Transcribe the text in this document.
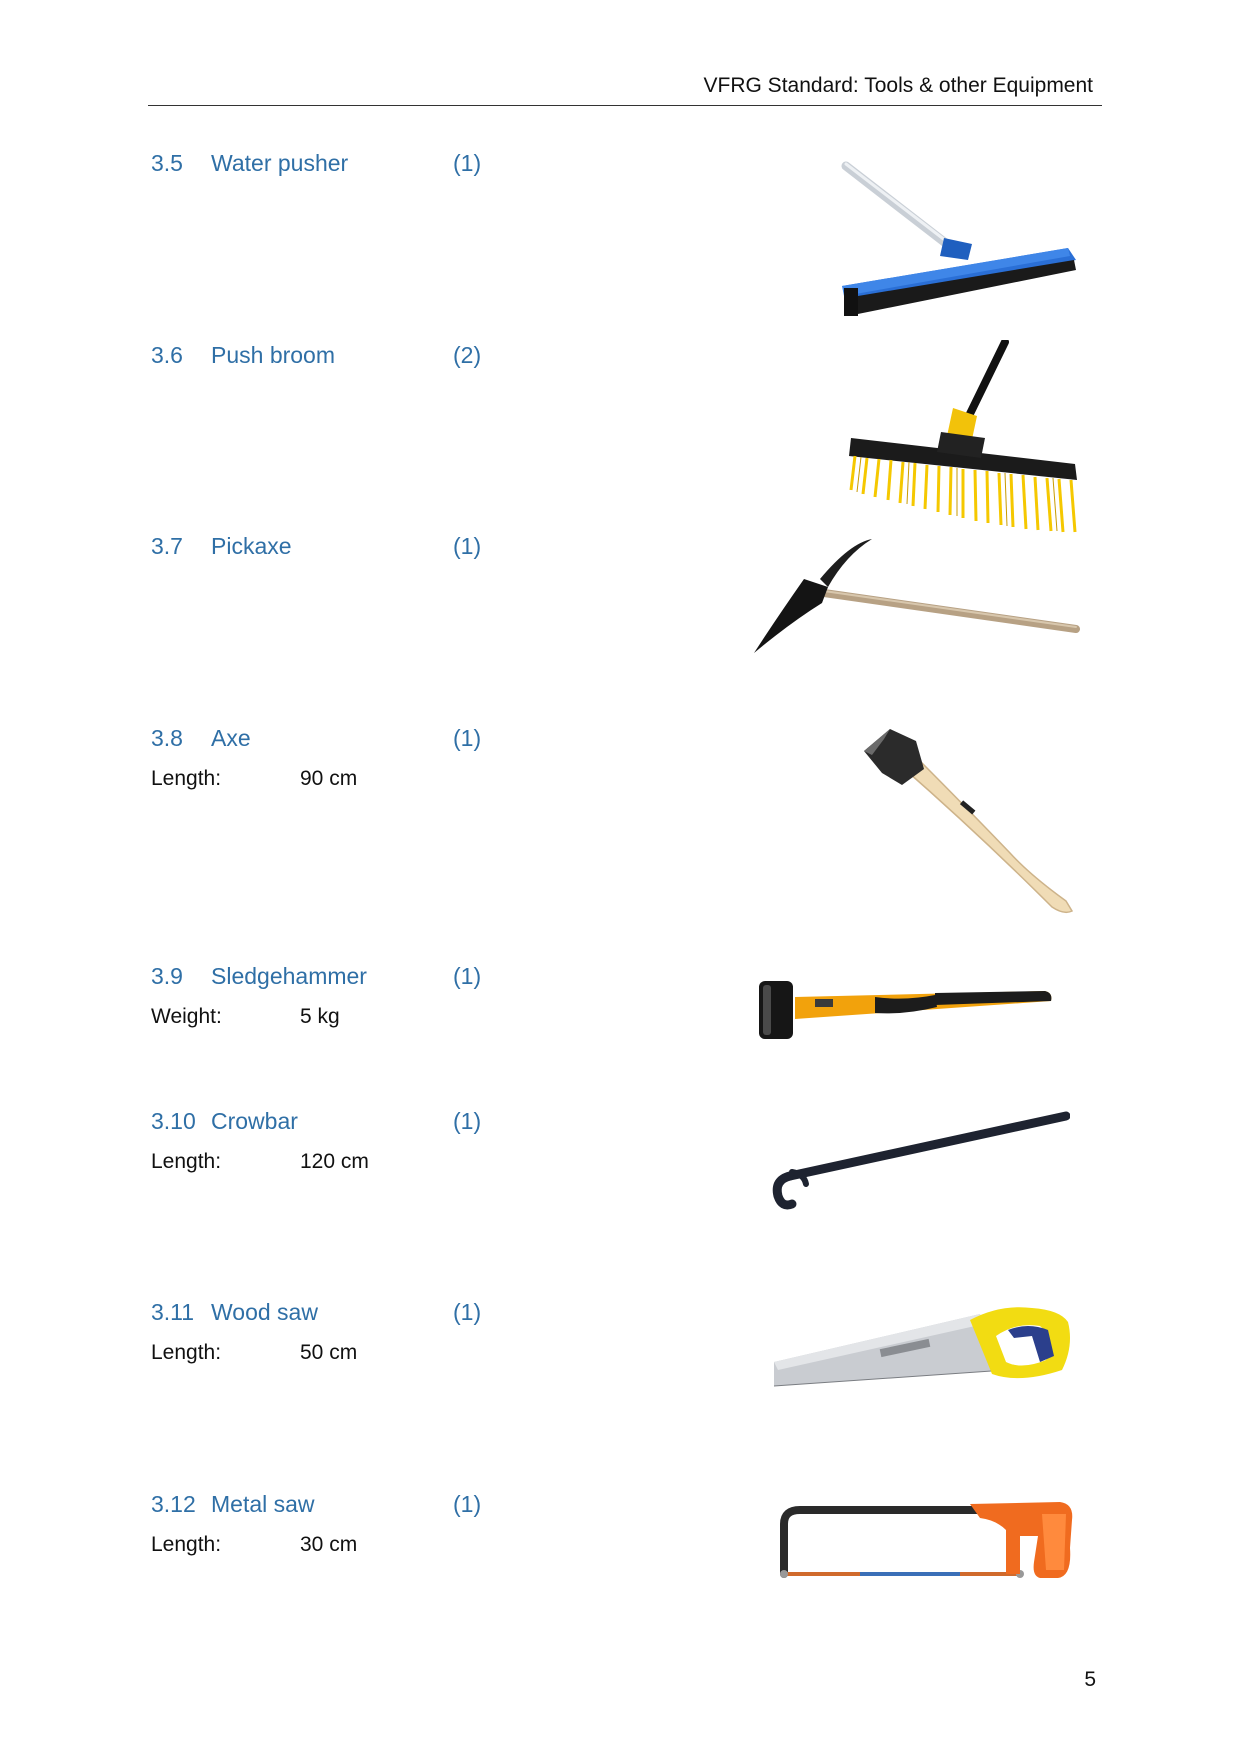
VFRG Standard: Tools & other Equipment
3.5 Water pusher	(1)
3.6 Push broom	(2)
3.7 Pickaxe	(1)
3.8 Axe	(1)
Length:	90 cm
3.9 Sledgehammer	(1)
Weight:	5 kg
3.10 Crowbar	(1)
Length:	120 cm
3.11 Wood saw	(1)
Length:	50 cm
3.12 Metal saw	(1)
Length:	30 cm
5
